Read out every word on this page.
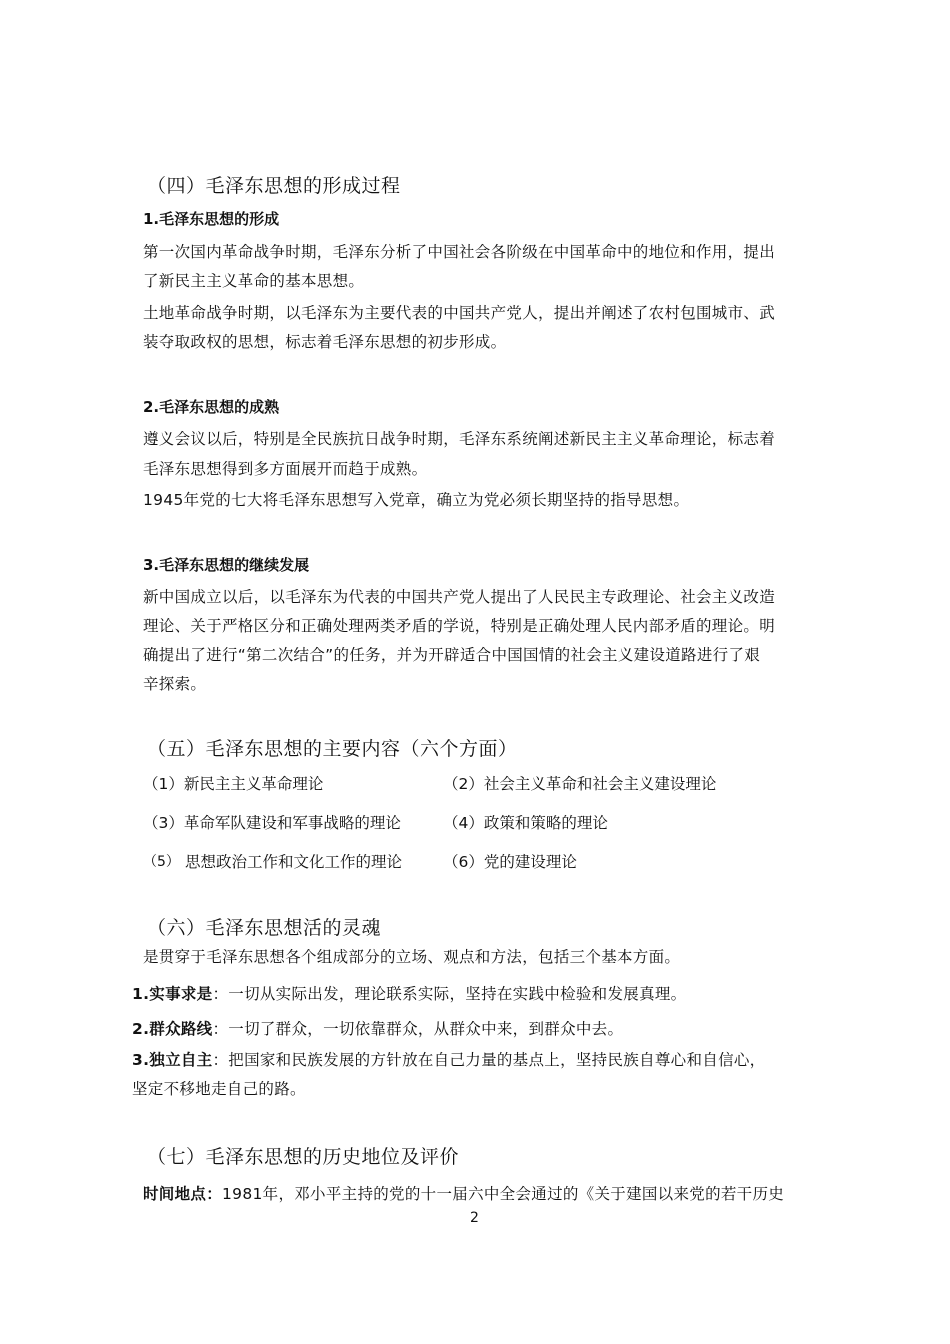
（四）毛泽东思想的形成过程
1.毛泽东思想的形成
第一次国内革命战争时期，毛泽东分析了中国社会各阶级在中国革命中的地位和作用，提出
了新民主主义革命的基本思想。
土地革命战争时期，以毛泽东为主要代表的中国共产党人，提出并阐述了农村包围城市、武
装夺取政权的思想，标志着毛泽东思想的初步形成。
2.毛泽东思想的成熟
遵义会议以后，特别是全民族抗日战争时期，毛泽东系统阐述新民主主义革命理论，标志着
毛泽东思想得到多方面展开而趋于成熟。
1945年党的七大将毛泽东思想写入党章，确立为党必须长期坚持的指导思想。
3.毛泽东思想的继续发展
新中国成立以后，以毛泽东为代表的中国共产党人提出了人民民主专政理论、社会主义改造
理论、关于严格区分和正确处理两类矛盾的学说，特别是正确处理人民内部矛盾的理论。明
确提出了进行“第二次结合”的任务，并为开辟适合中国国情的社会主义建设道路进行了艰
辛探索。
（五）毛泽东思想的主要内容（六个方面）
（1）新民主主义革命理论	（2）社会主义革命和社会主义建设理论
（3）革命军队建设和军事战略的理论	（4）政策和策略的理论
（5） 思想政治工作和文化工作的理论	（6）党的建设理论
（六）毛泽东思想活的灵魂
是贯穿于毛泽东思想各个组成部分的立场、观点和方法，包括三个基本方面。
1.实事求是：一切从实际出发，理论联系实际，坚持在实践中检验和发展真理。
2.群众路线：一切了群众，一切依靠群众，从群众中来，到群众中去。
3.独立自主：把国家和民族发展的方针放在自己力量的基点上，坚持民族自尊心和自信心，
坚定不移地走自己的路。
（七）毛泽东思想的历史地位及评价
时间地点：1981年，邓小平主持的党的十一届六中全会通过的《关于建国以来党的若干历史
2
